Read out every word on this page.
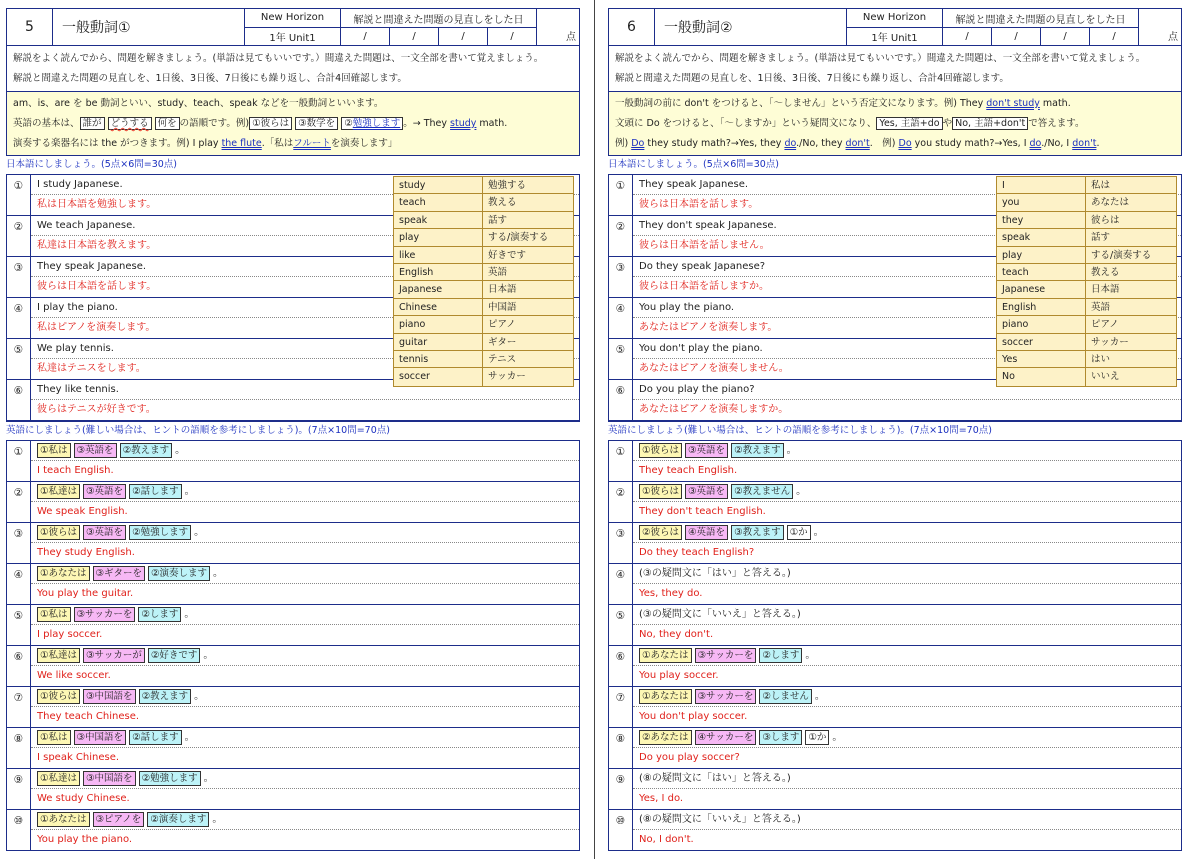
5	一般動詞①
New Horizon
1年 Unit1
解説と間違えた問題の見直しをした日
/	/	/	/	点

解説をよく読んでから、問題を解きましょう。(単語は見てもいいです。）間違えた問題は、一文全部を書いて覚えましょう。

解説と間違えた問題の見直しを、1日後、3日後、7日後にも繰り返し、合計4回確認します。

am、is、are を be 動詞といい、study、teach、speak などを一般動詞といいます。

英語の基本は、 誰が どうする 何を の語順です。例) ①彼らは ③数学を ②勉強します 。→ They study math.

演奏する楽器名には the がつきます。例) I play the flute.「私はフルートを演奏します」

日本語にしましょう。(5点×6問=30点)
①	I study Japanese.
私は日本語を勉強します。
②	We teach Japanese.
私達は日本語を教えます。
③	They speak Japanese.
彼らは日本語を話します。
④	I play the piano.
私はピアノを演奏します。
⑤	We play tennis.
私達はテニスをします。
⑥	They like tennis.
彼らはテニスが好きです。
study	勉強する
teach	教える
speak	話す
play	する/演奏する
like	好きです
English	英語
Japanese	日本語
Chinese	中国語
piano	ピアノ
guitar	ギター
tennis	テニス
soccer	サッカー
英語にしましょう(難しい場合は、ヒントの語順を参考にしましょう)。(7点×10問=70点)
①	①私は ③英語を ②教えます 。
I teach English.
②	①私達は ③英語を ②話します 。
We speak English.
③	①彼らは ③英語を ②勉強します 。
They study English.
④	①あなたは ③ギターを ②演奏します 。
You play the guitar.
⑤	①私は ③サッカーを ②します 。
I play soccer.
⑥	①私達は ③サッカーが ②好きです 。
We like soccer.
⑦	①彼らは ③中国語を ②教えます 。
They teach Chinese.
⑧	①私は ③中国語を ②話します 。
I speak Chinese.
⑨	①私達は ③中国語を ②勉強します 。
We study Chinese.
⑩	①あなたは ③ピアノを ②演奏します 。
You play the piano.
6	一般動詞②
New Horizon
1年 Unit1
解説と間違えた問題の見直しをした日
/	/	/	/	点

解説をよく読んでから、問題を解きましょう。(単語は見てもいいです。）間違えた問題は、一文全部を書いて覚えましょう。

解説と間違えた問題の見直しを、1日後、3日後、7日後にも繰り返し、合計4回確認します。

一般動詞の前に don't をつけると、「～しません」という否定文になります。例) They don't study math.

文頭に Do をつけると、「～しますか」という疑問文になり、 Yes, 主語+do や No, 主語+don't で答えます。

例) Do they study math?→Yes, they do./No, they don't.　例) Do you study math?→Yes, I do./No, I don't.

日本語にしましょう。(5点×6問=30点)
①	They speak Japanese.
彼らは日本語を話します。
②	They don't speak Japanese.
彼らは日本語を話しません。
③	Do they speak Japanese?
彼らは日本語を話しますか。
④	You play the piano.
あなたはピアノを演奏します。
⑤	You don't play the piano.
あなたはピアノを演奏しません。
⑥	Do you play the piano?
あなたはピアノを演奏しますか。
I	私は
you	あなたは
they	彼らは
speak	話す
play	する/演奏する
teach	教える
Japanese	日本語
English	英語
piano	ピアノ
soccer	サッカー
Yes	はい
No	いいえ
英語にしましょう(難しい場合は、ヒントの語順を参考にしましょう)。(7点×10問=70点)
①	①彼らは ③英語を ②教えます 。
They teach English.
②	①彼らは ③英語を ②教えません 。
They don't teach English.
③	②彼らは ④英語を ③教えます ①か 。
Do they teach English?
④	(③の疑問文に「はい」と答える。)
Yes, they do.
⑤	(③の疑問文に「いいえ」と答える。)
No, they don't.
⑥	①あなたは ③サッカーを ②します 。
You play soccer.
⑦	①あなたは ③サッカーを ②しません 。
You don't play soccer.
⑧	②あなたは ④サッカーを ③します ①か 。
Do you play soccer?
⑨	(⑧の疑問文に「はい」と答える。)
Yes, I do.
⑩	(⑧の疑問文に「いいえ」と答える。)
No, I don't.
